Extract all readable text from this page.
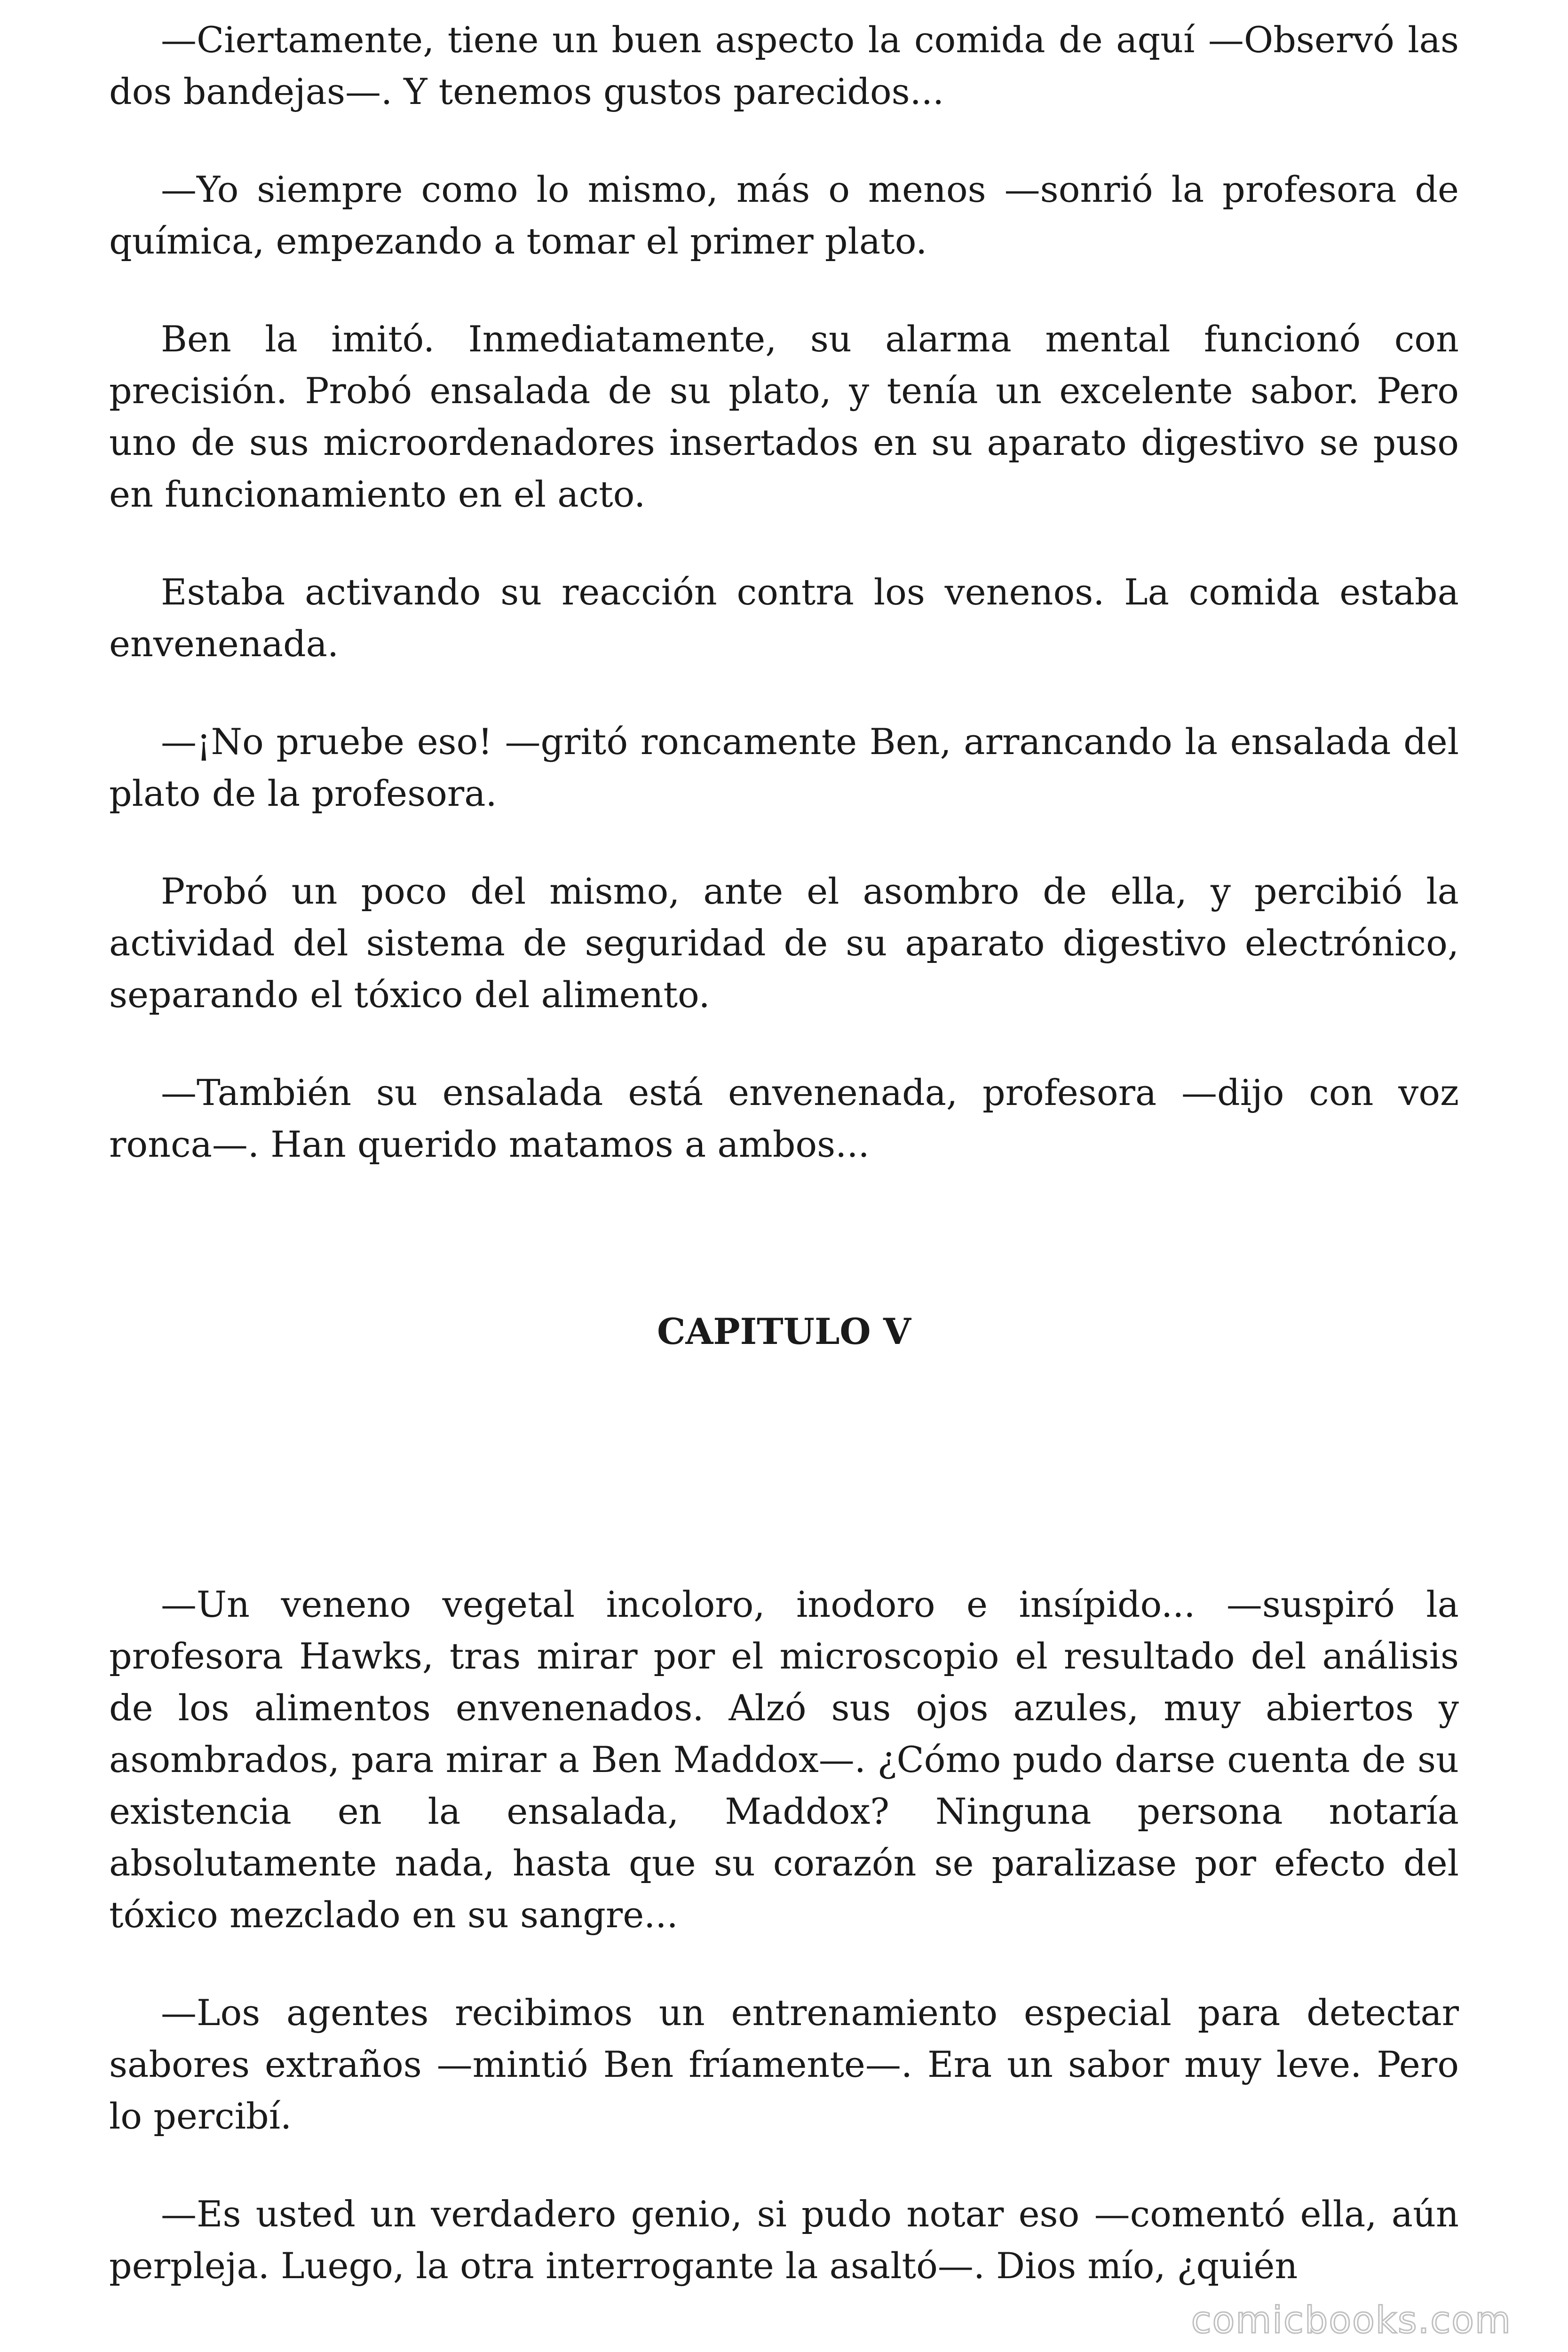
—Ciertamente, tiene un buen aspecto la comida de aquí —Observó las dos bandejas—. Y tenemos gustos parecidos...

—Yo siempre como lo mismo, más o menos —sonrió la profesora de química, empezando a tomar el primer plato.

Ben la imitó. Inmediatamente, su alarma mental funcionó con precisión. Probó ensalada de su plato, y tenía un excelente sabor. Pero uno de sus microordenadores insertados en su aparato digestivo se puso en funcionamiento en el acto.

Estaba activando su reacción contra los venenos. La comida estaba envenenada.

—¡No pruebe eso! —gritó roncamente Ben, arrancando la ensalada del plato de la profesora.

Probó un poco del mismo, ante el asombro de ella, y percibió la actividad del sistema de seguridad de su aparato digestivo electrónico, separando el tóxico del alimento.

—También su ensalada está envenenada, profesora —dijo con voz ronca—. Han querido matamos a ambos...

CAPITULO V

—Un veneno vegetal incoloro, inodoro e insípido... —suspiró la profesora Hawks, tras mirar por el microscopio el resultado del análisis de los alimentos envenenados. Alzó sus ojos azules, muy abiertos y asombrados, para mirar a Ben Maddox—. ¿Cómo pudo darse cuenta de su existencia en la ensalada, Maddox? Ninguna persona notaría absolutamente nada, hasta que su corazón se paralizase por efecto del tóxico mezclado en su sangre...

—Los agentes recibimos un entrenamiento especial para detectar sabores extraños —mintió Ben fríamente—. Era un sabor muy leve. Pero lo percibí.

—Es usted un verdadero genio, si pudo notar eso —comentó ella, aún perpleja. Luego, la otra interrogante la asaltó—. Dios mío, ¿quién

comicbooks.com
